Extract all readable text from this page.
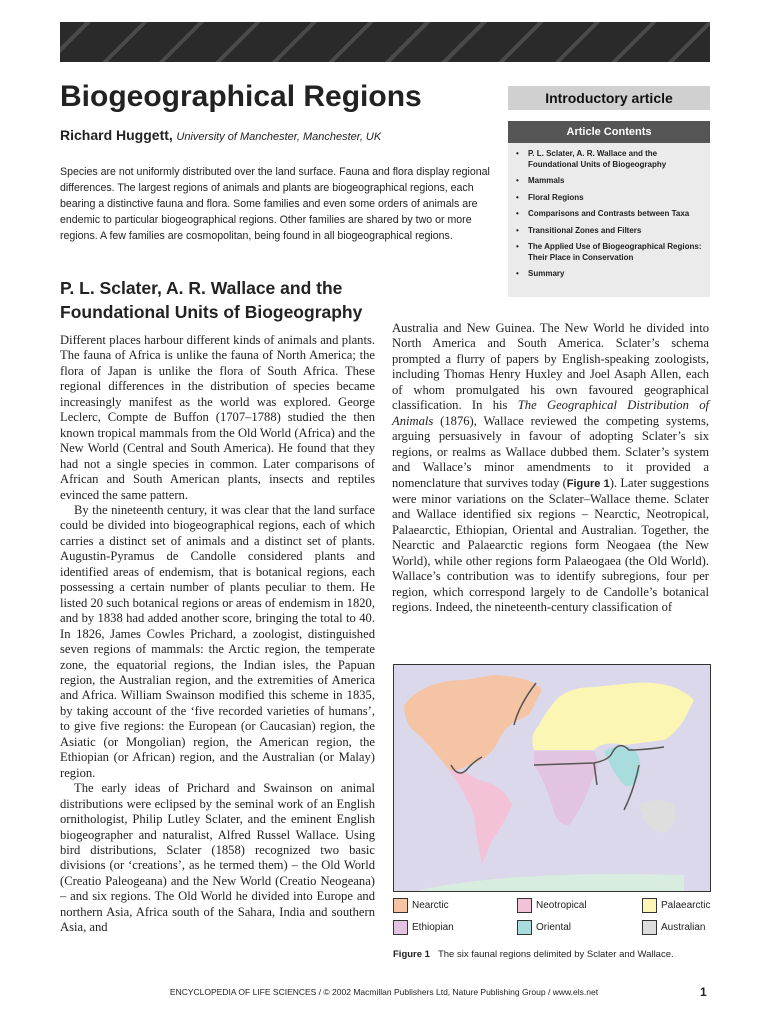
Biogeographical Regions
Richard Huggett, University of Manchester, Manchester, UK
Species are not uniformly distributed over the land surface. Fauna and flora display regional differences. The largest regions of animals and plants are biogeographical regions, each bearing a distinctive fauna and flora. Some families and even some orders of animals are endemic to particular biogeographical regions. Other families are shared by two or more regions. A few families are cosmopolitan, being found in all biogeographical regions.
Introductory article
Article Contents
• P. L. Sclater, A. R. Wallace and the Foundational Units of Biogeography
• Mammals
• Floral Regions
• Comparisons and Contrasts between Taxa
• Transitional Zones and Filters
• The Applied Use of Biogeographical Regions: Their Place in Conservation
• Summary
P. L. Sclater, A. R. Wallace and the Foundational Units of Biogeography

Different places harbour different kinds of animals and plants. The fauna of Africa is unlike the fauna of North America; the flora of Japan is unlike the flora of South Africa. These regional differences in the distribution of species became increasingly manifest as the world was explored. George Leclerc, Compte de Buffon (1707–1788) studied the then known tropical mammals from the Old World (Africa) and the New World (Central and South America). He found that they had not a single species in common. Later comparisons of African and South American plants, insects and reptiles evinced the same pattern.

By the nineteenth century, it was clear that the land surface could be divided into biogeographical regions, each of which carries a distinct set of animals and a distinct set of plants. Augustin-Pyramus de Candolle considered plants and identified areas of endemism, that is botanical regions, each possessing a certain number of plants peculiar to them. He listed 20 such botanical regions or areas of endemism in 1820, and by 1838 had added another score, bringing the total to 40. In 1826, James Cowles Prichard, a zoologist, distinguished seven regions of mammals: the Arctic region, the temperate zone, the equatorial regions, the Indian isles, the Papuan region, the Australian region, and the extremities of America and Africa. William Swainson modified this scheme in 1835, by taking account of the ‘five recorded varieties of humans’, to give five regions: the European (or Caucasian) region, the Asiatic (or Mongolian) region, the American region, the Ethiopian (or African) region, and the Australian (or Malay) region.

The early ideas of Prichard and Swainson on animal distributions were eclipsed by the seminal work of an English ornithologist, Philip Lutley Sclater, and the eminent English biogeographer and naturalist, Alfred Russel Wallace. Using bird distributions, Sclater (1858) recognized two basic divisions (or ‘creations’, as he termed them) – the Old World (Creatio Paleogeana) and the New World (Creatio Neogeana) – and six regions. The Old World he divided into Europe and northern Asia, Africa south of the Sahara, India and southern Asia, and

Australia and New Guinea. The New World he divided into North America and South America. Sclater’s schema prompted a flurry of papers by English-speaking zoologists, including Thomas Henry Huxley and Joel Asaph Allen, each of whom promulgated his own favoured geographical classification. In his The Geographical Distribution of Animals (1876), Wallace reviewed the competing systems, arguing persuasively in favour of adopting Sclater’s six regions, or realms as Wallace dubbed them. Sclater’s system and Wallace’s minor amendments to it provided a nomenclature that survives today (Figure 1). Later suggestions were minor variations on the Sclater–Wallace theme. Sclater and Wallace identified six regions – Nearctic, Neotropical, Palaearctic, Ethiopian, Oriental and Australian. Together, the Nearctic and Palaearctic regions form Neogaea (the New World), while other regions form Palaeogaea (the Old World). Wallace’s contribution was to identify subregions, four per region, which correspond largely to de Candolle’s botanical regions. Indeed, the nineteenth-century classification of

Nearctic	Neotropical	Palaearctic
Ethiopian	Oriental	Australian
Figure 1 The six faunal regions delimited by Sclater and Wallace.
ENCYCLOPEDIA OF LIFE SCIENCES / © 2002 Macmillan Publishers Ltd, Nature Publishing Group / www.els.net	1
